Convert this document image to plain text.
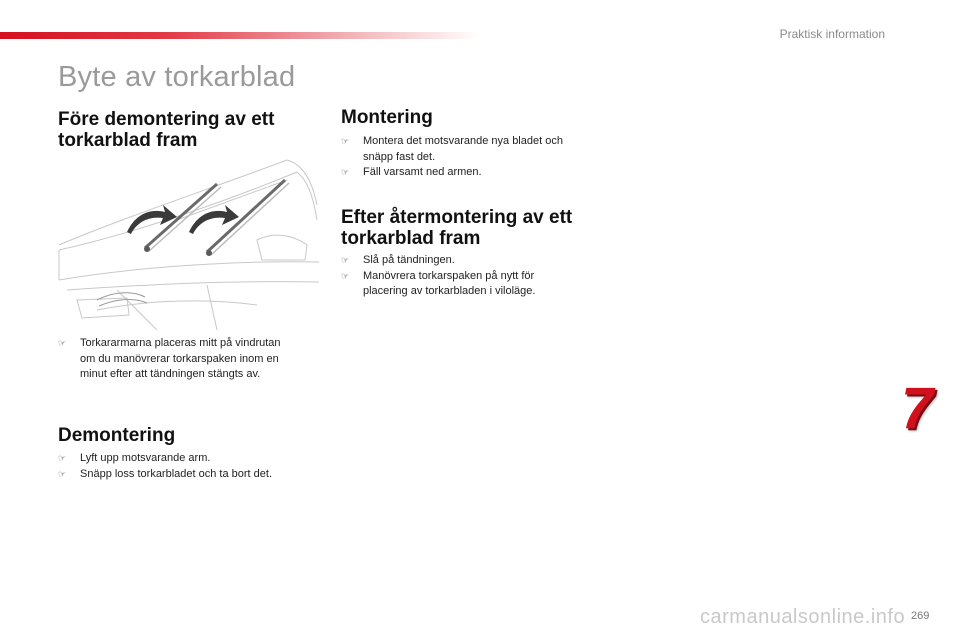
Praktisk information
Byte av torkarblad
Före demontering av ett
torkarblad fram
☞ Torkararmarna placeras mitt på vindrutan
om du manövrerar torkarspaken inom en
minut efter att tändningen stängts av.
Demontering
☞ Lyft upp motsvarande arm.
☞ Snäpp loss torkarbladet och ta bort det.
Montering
☞ Montera det motsvarande nya bladet och
snäpp fast det.
☞ Fäll varsamt ned armen.
Efter återmontering av ett
torkarblad fram
☞ Slå på tändningen.
☞ Manövrera torkarspaken på nytt för
placering av torkarbladen i viloläge.
7
carmanualsonline.info 269
